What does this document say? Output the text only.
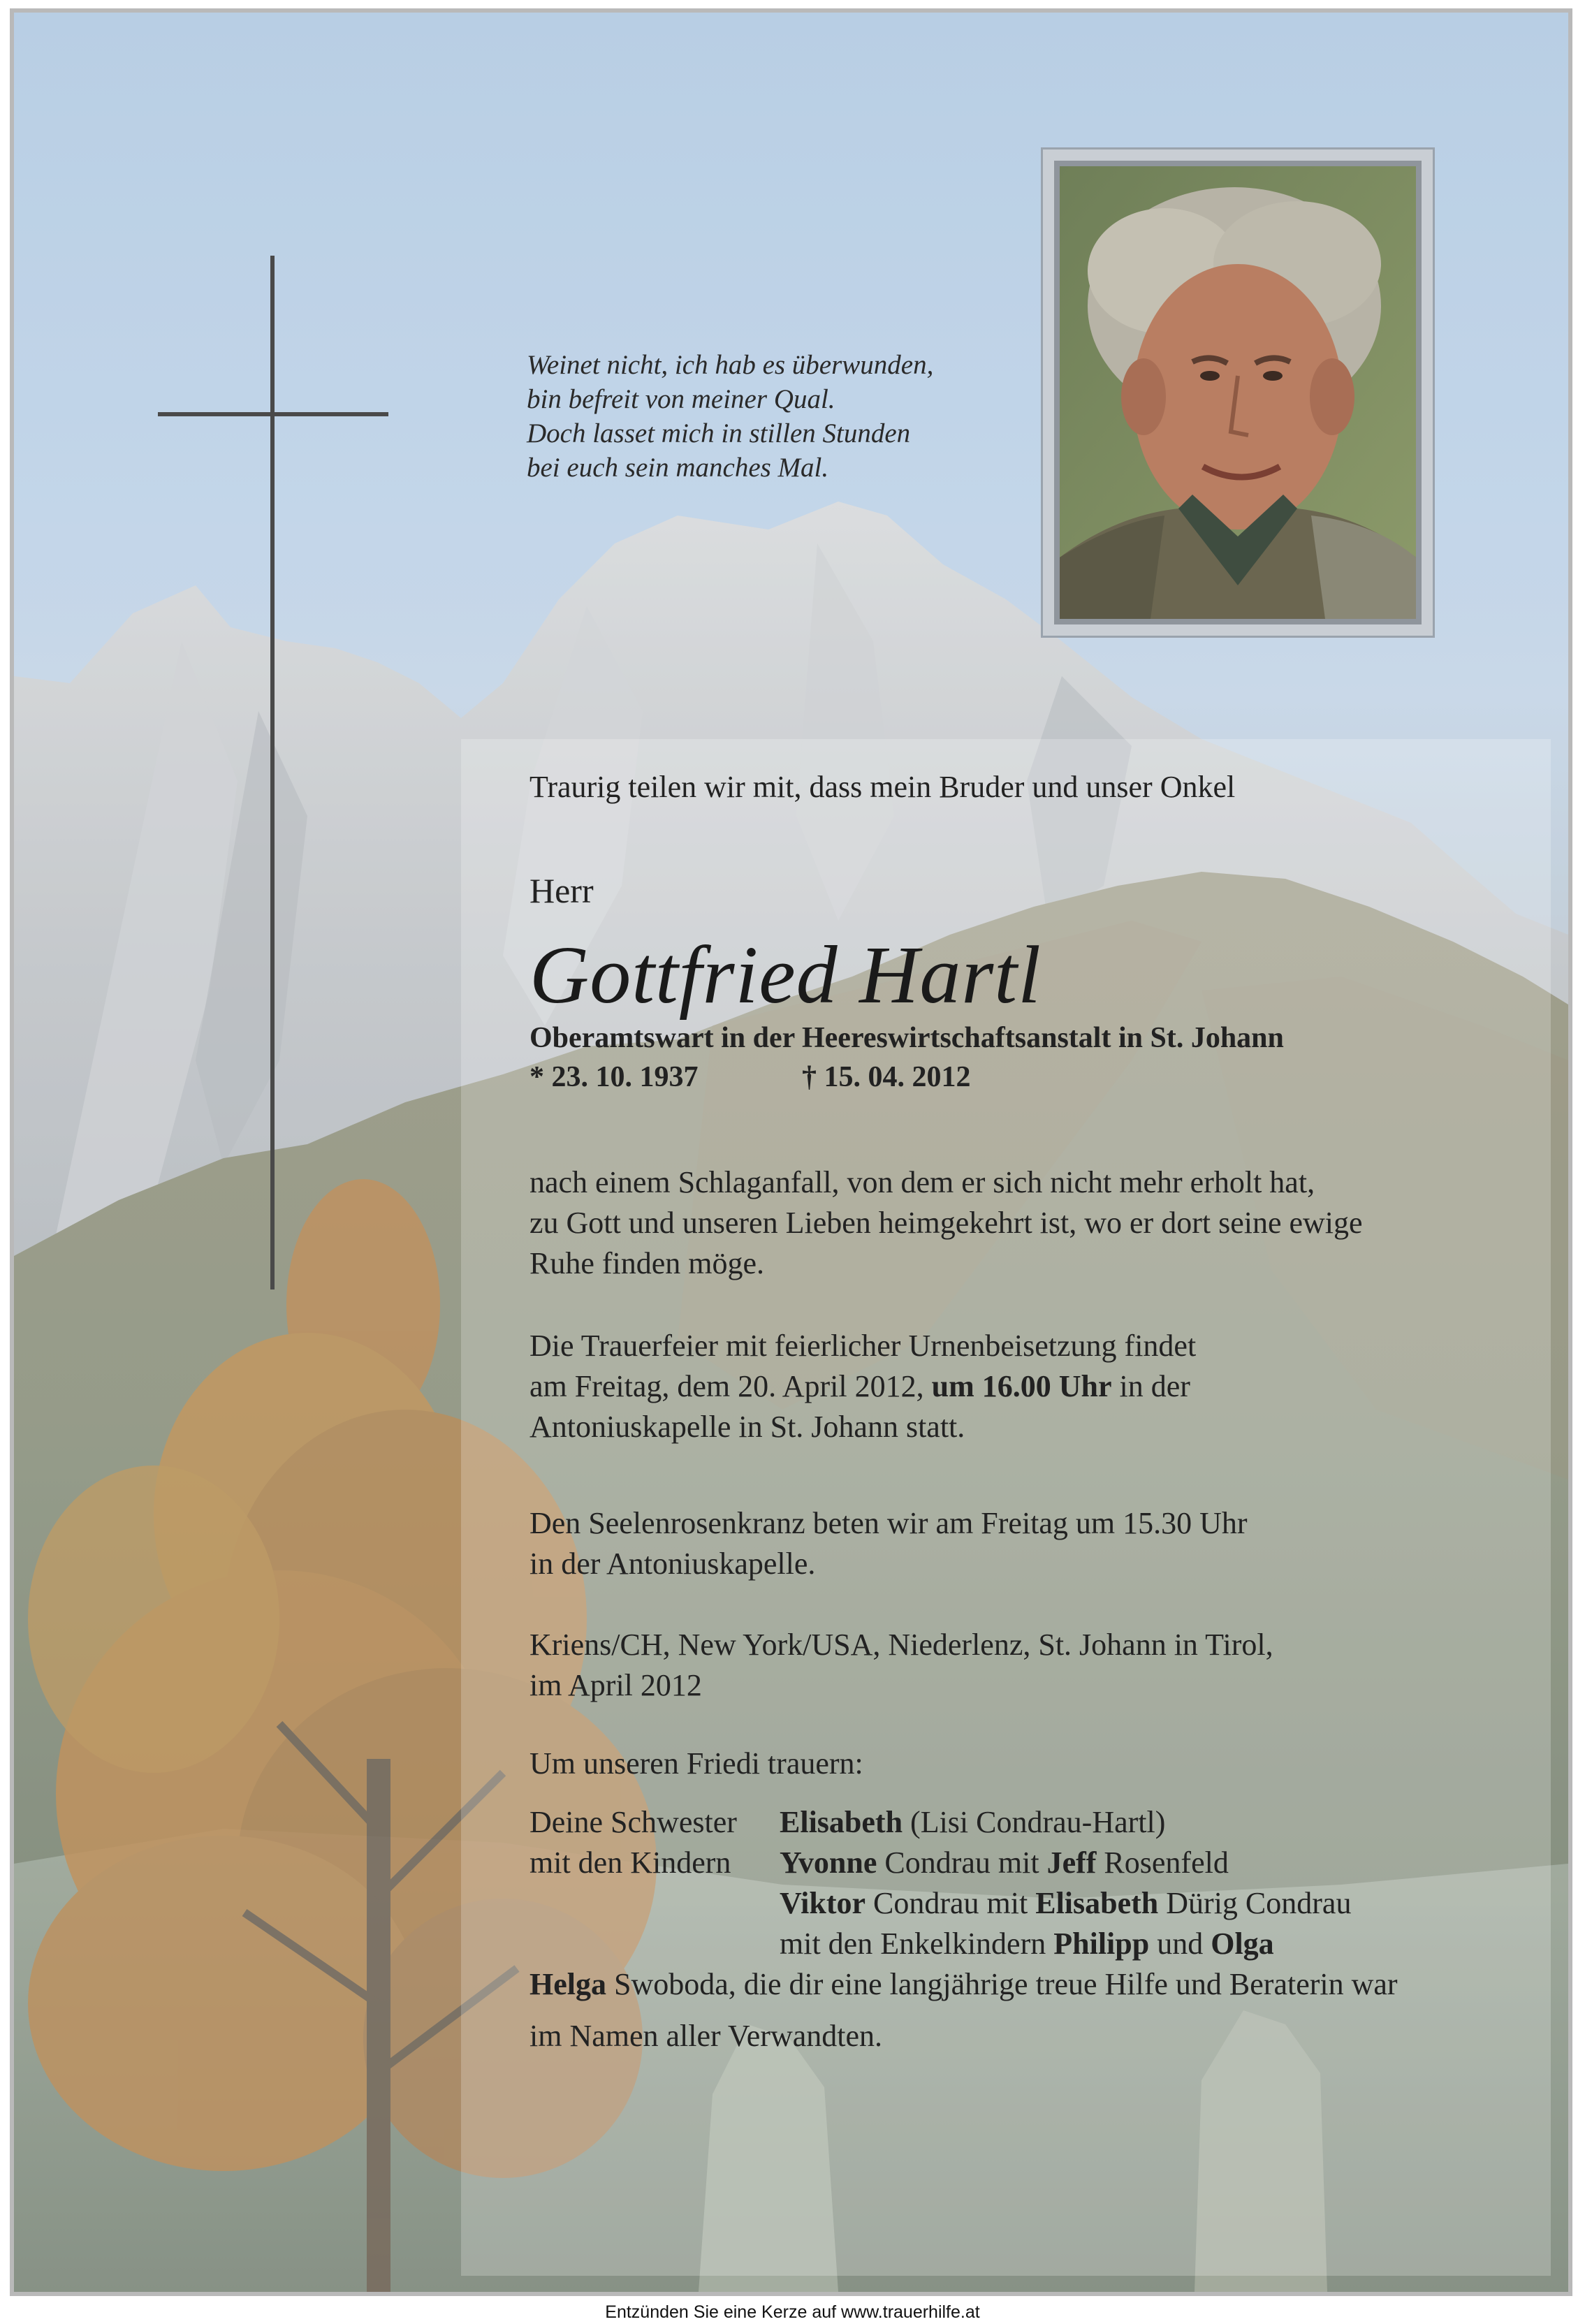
Weinet nicht, ich hab es überwunden,
bin befreit von meiner Qual.
Doch lasset mich in stillen Stunden
bei euch sein manches Mal.
Traurig teilen wir mit, dass mein Bruder und unser Onkel
Herr
Gottfried Hartl
Oberamtswart in der Heereswirtschaftsanstalt in St. Johann
* 23. 10. 1937	† 15. 04. 2012
nach einem Schlaganfall, von dem er sich nicht mehr erholt hat,
zu Gott und unseren Lieben heimgekehrt ist, wo er dort seine ewige
Ruhe finden möge.
Die Trauerfeier mit feierlicher Urnenbeisetzung findet
am Freitag, dem 20. April 2012, um 16.00 Uhr in der
Antoniuskapelle in St. Johann statt.
Den Seelenrosenkranz beten wir am Freitag um 15.30 Uhr
in der Antoniuskapelle.
Kriens/CH, New York/USA, Niederlenz, St. Johann in Tirol,
im April 2012
Um unseren Friedi trauern:
Deine Schwester Elisabeth (Lisi Condrau-Hartl)
mit den Kindern Yvonne Condrau mit Jeff Rosenfeld
Viktor Condrau mit Elisabeth Dürig Condrau
mit den Enkelkindern Philipp und Olga
Helga Swoboda, die dir eine langjährige treue Hilfe und Beraterin war
im Namen aller Verwandten.
Entzünden Sie eine Kerze auf www.trauerhilfe.at
